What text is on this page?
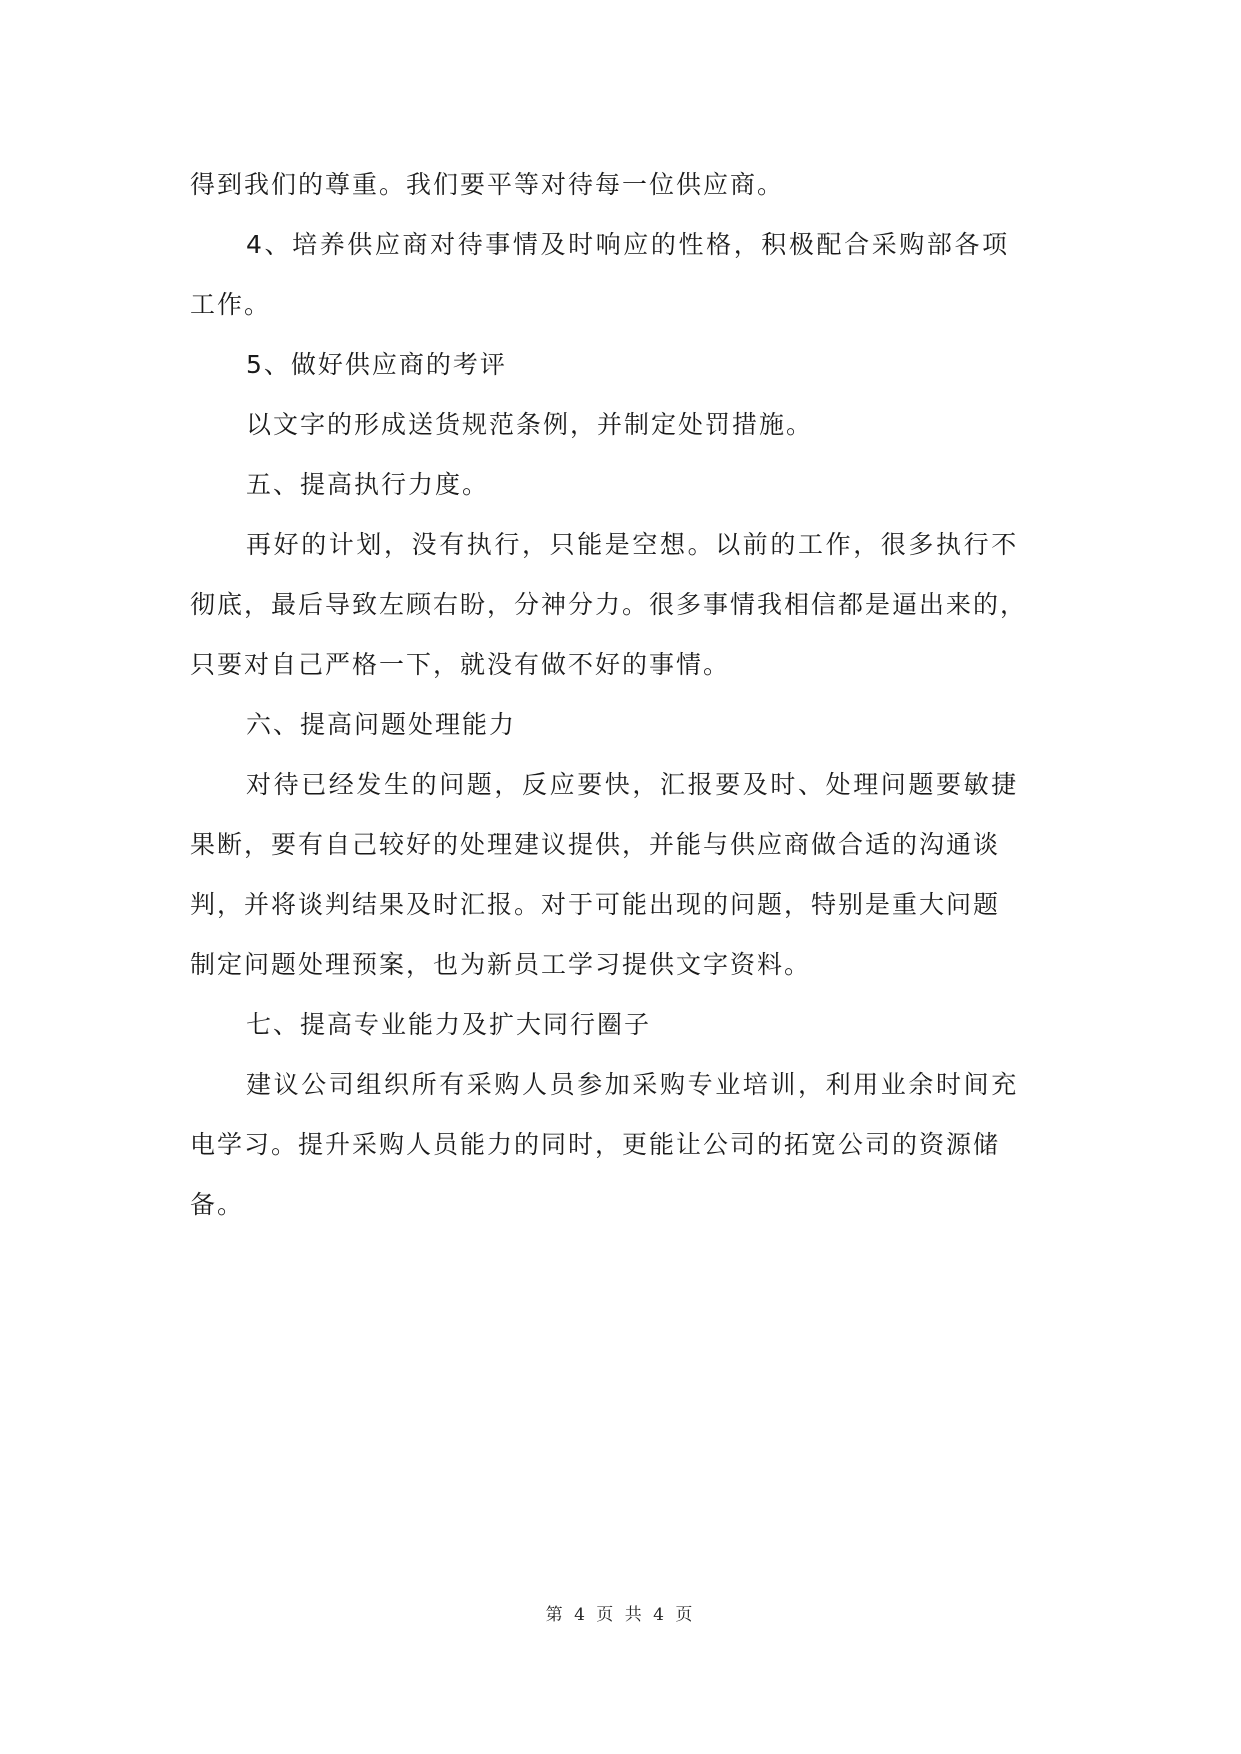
得到我们的尊重。我们要平等对待每一位供应商。
4、培养供应商对待事情及时响应的性格，积极配合采购部各项
工作。
5、做好供应商的考评
以文字的形成送货规范条例，并制定处罚措施。
五、提高执行力度。
再好的计划，没有执行，只能是空想。以前的工作，很多执行不
彻底，最后导致左顾右盼，分神分力。很多事情我相信都是逼出来的，
只要对自己严格一下，就没有做不好的事情。
六、提高问题处理能力
对待已经发生的问题，反应要快，汇报要及时、处理问题要敏捷
果断，要有自己较好的处理建议提供，并能与供应商做合适的沟通谈
判，并将谈判结果及时汇报。对于可能出现的问题，特别是重大问题
制定问题处理预案，也为新员工学习提供文字资料。
七、提高专业能力及扩大同行圈子
建议公司组织所有采购人员参加采购专业培训，利用业余时间充
电学习。提升采购人员能力的同时，更能让公司的拓宽公司的资源储
备。
第 4 页 共 4 页
